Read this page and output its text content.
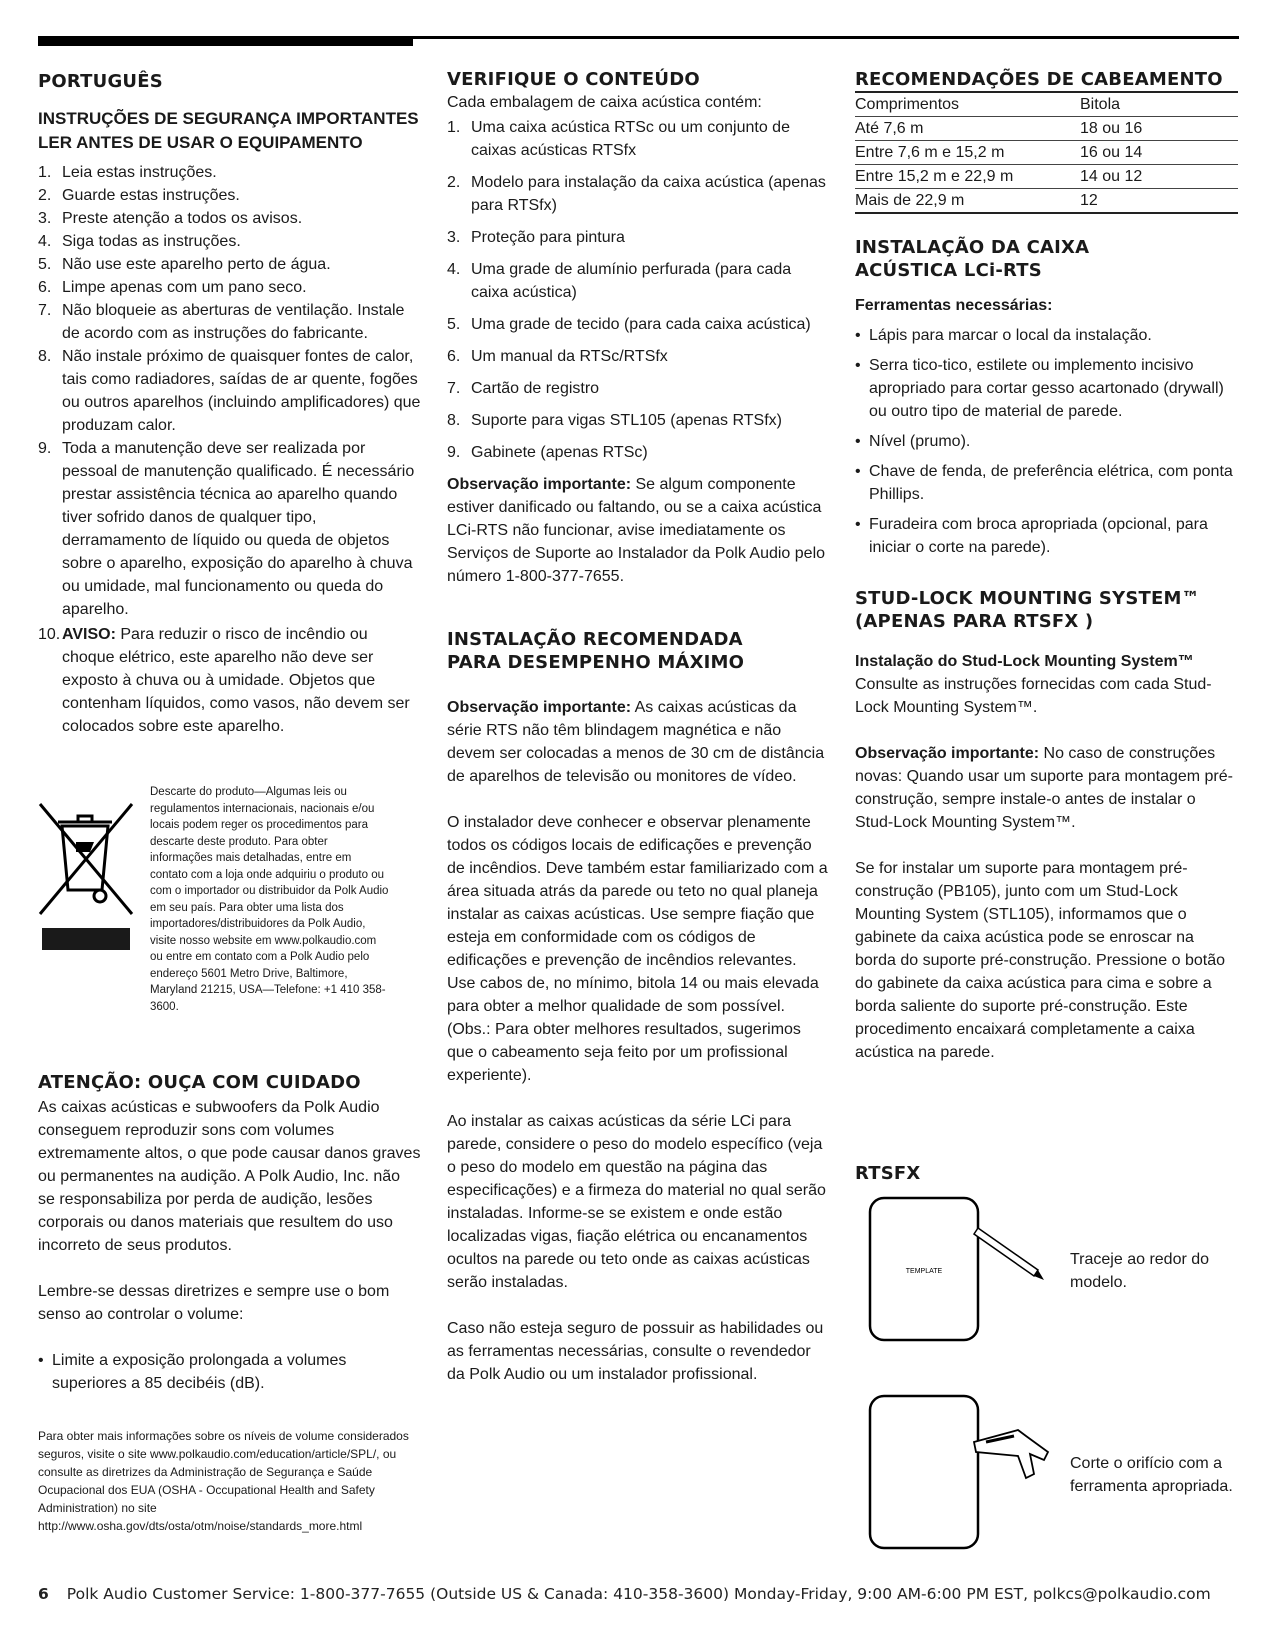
PORTUGUÊS
INSTRUÇÕES DE SEGURANÇA IMPORTANTES
LER ANTES DE USAR O EQUIPAMENTO
1. Leia estas instruções.
2. Guarde estas instruções.
3. Preste atenção a todos os avisos.
4. Siga todas as instruções.
5. Não use este aparelho perto de água.
6. Limpe apenas com um pano seco.
7. Não bloqueie as aberturas de ventilação. Instale de acordo com as instruções do fabricante.
8. Não instale próximo de quaisquer fontes de calor, tais como radiadores, saídas de ar quente, fogões ou outros aparelhos (incluindo amplificadores) que produzam calor.
9. Toda a manutenção deve ser realizada por pessoal de manutenção qualificado. É necessário prestar assistência técnica ao aparelho quando tiver sofrido danos de qualquer tipo, derramamento de líquido ou queda de objetos sobre o aparelho, exposição do aparelho à chuva ou umidade, mal funcionamento ou queda do aparelho.
10. AVISO: Para reduzir o risco de incêndio ou choque elétrico, este aparelho não deve ser exposto à chuva ou à umidade. Objetos que contenham líquidos, como vasos, não devem ser colocados sobre este aparelho.

Descarte do produto—Algumas leis ou regulamentos internacionais, nacionais e/ou locais podem reger os procedimentos para descarte deste produto. Para obter informações mais detalhadas, entre em contato com a loja onde adquiriu o produto ou com o importador ou distribuidor da Polk Audio em seu país. Para obter uma lista dos importadores/distribuidores da Polk Audio, visite nosso website em www.polkaudio.com ou entre em contato com a Polk Audio pelo endereço 5601 Metro Drive, Baltimore, Maryland 21215, USA—Telefone: +1 410 358-3600.

ATENÇÃO: OUÇA COM CUIDADO

As caixas acústicas e subwoofers da Polk Audio conseguem reproduzir sons com volumes extremamente altos, o que pode causar danos graves ou permanentes na audição. A Polk Audio, Inc. não se responsabiliza por perda de audição, lesões corporais ou danos materiais que resultem do uso incorreto de seus produtos.

Lembre-se dessas diretrizes e sempre use o bom senso ao controlar o volume:

• Limite a exposição prolongada a volumes superiores a 85 decibéis (dB).

Para obter mais informações sobre os níveis de volume considerados seguros, visite o site www.polkaudio.com/education/article/SPL/, ou consulte as diretrizes da Administração de Segurança e Saúde Ocupacional dos EUA (OSHA - Occupational Health and Safety Administration) no site http://www.osha.gov/dts/osta/otm/noise/standards_more.html

VERIFIQUE O CONTEÚDO

Cada embalagem de caixa acústica contém:

1. Uma caixa acústica RTSc ou um conjunto de caixas acústicas RTSfx
2. Modelo para instalação da caixa acústica (apenas para RTSfx)
3. Proteção para pintura
4. Uma grade de alumínio perfurada (para cada caixa acústica)
5. Uma grade de tecido (para cada caixa acústica)
6. Um manual da RTSc/RTSfx
7. Cartão de registro
8. Suporte para vigas STL105 (apenas RTSfx)
9. Gabinete (apenas RTSc)

Observação importante: Se algum componente estiver danificado ou faltando, ou se a caixa acústica LCi-RTS não funcionar, avise imediatamente os Serviços de Suporte ao Instalador da Polk Audio pelo número 1-800-377-7655.

INSTALAÇÃO RECOMENDADA
PARA DESEMPENHO MÁXIMO

Observação importante: As caixas acústicas da série RTS não têm blindagem magnética e não devem ser colocadas a menos de 30 cm de distância de aparelhos de televisão ou monitores de vídeo.

O instalador deve conhecer e observar plenamente todos os códigos locais de edificações e prevenção de incêndios. Deve também estar familiarizado com a área situada atrás da parede ou teto no qual planeja instalar as caixas acústicas. Use sempre fiação que esteja em conformidade com os códigos de edificações e prevenção de incêndios relevantes. Use cabos de, no mínimo, bitola 14 ou mais elevada para obter a melhor qualidade de som possível. (Obs.: Para obter melhores resultados, sugerimos que o cabeamento seja feito por um profissional experiente).

Ao instalar as caixas acústicas da série LCi para parede, considere o peso do modelo específico (veja o peso do modelo em questão na página das especificações) e a firmeza do material no qual serão instaladas. Informe-se se existem e onde estão localizadas vigas, fiação elétrica ou encanamentos ocultos na parede ou teto onde as caixas acústicas serão instaladas.

Caso não esteja seguro de possuir as habilidades ou as ferramentas necessárias, consulte o revendedor da Polk Audio ou um instalador profissional.

RECOMENDAÇÕES DE CABEAMENTO
Comprimentos	Bitola
Até 7,6 m	18 ou 16
Entre 7,6 m e 15,2 m	16 ou 14
Entre 15,2 m e 22,9 m	14 ou 12
Mais de 22,9 m	12
INSTALAÇÃO DA CAIXA
ACÚSTICA LCi-RTS
Ferramentas necessárias:
• Lápis para marcar o local da instalação.
• Serra tico-tico, estilete ou implemento incisivo apropriado para cortar gesso acartonado (drywall) ou outro tipo de material de parede.
• Nível (prumo).
• Chave de fenda, de preferência elétrica, com ponta Phillips.
• Furadeira com broca apropriada (opcional, para iniciar o corte na parede).
STUD-LOCK MOUNTING SYSTEM™
(APENAS PARA RTSFX )
Instalação do Stud-Lock Mounting System™

Consulte as instruções fornecidas com cada Stud-Lock Mounting System™.

Observação importante: No caso de construções novas: Quando usar um suporte para montagem pré-construção, sempre instale-o antes de instalar o Stud-Lock Mounting System™.

Se for instalar um suporte para montagem pré-construção (PB105), junto com um Stud-Lock Mounting System (STL105), informamos que o gabinete da caixa acústica pode se enroscar na borda do suporte pré-construção. Pressione o botão do gabinete da caixa acústica para cima e sobre a borda saliente do suporte pré-construção. Este procedimento encaixará completamente a caixa acústica na parede.

RTSFX
TEMPLATE
Traceje ao redor do modelo.
Corte o orifício com a ferramenta apropriada.
6 Polk Audio Customer Service: 1-800-377-7655 (Outside US & Canada: 410-358-3600) Monday-Friday, 9:00 AM-6:00 PM EST, polkcs@polkaudio.com
